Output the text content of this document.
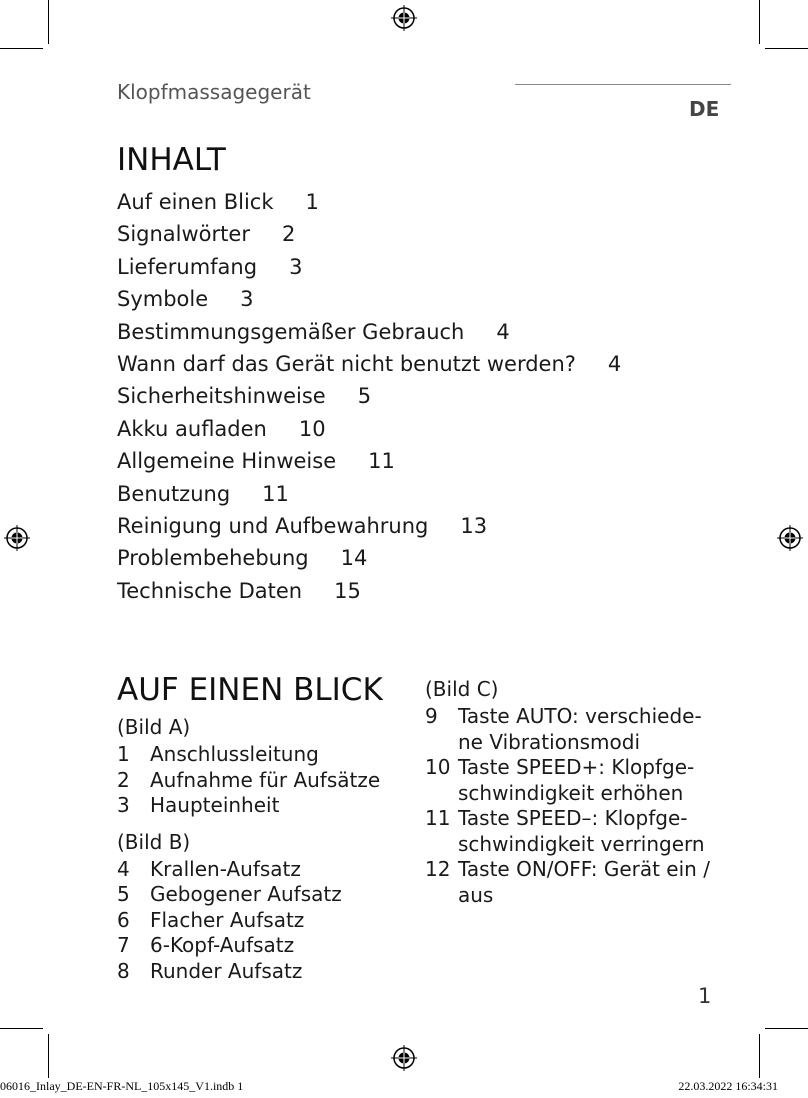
Klopfmassagegerät
DE
INHALT
Auf einen Blick 1
Signalwörter 2
Lieferumfang 3
Symbole 3
Bestimmungsgemäßer Gebrauch 4
Wann darf das Gerät nicht benutzt werden? 4
Sicherheitshinweise 5
Akku aufladen 10
Allgemeine Hinweise 11
Benutzung 11
Reinigung und Aufbewahrung 13
Problembehebung 14
Technische Daten 15
AUF EINEN BLICK
(Bild A)
1	Anschlussleitung
2	Aufnahme für Aufsätze
3	Haupteinheit
(Bild B)
4	Krallen-Aufsatz
5	Gebogener Aufsatz
6	Flacher Aufsatz
7	6-Kopf-Aufsatz
8	Runder Aufsatz
(Bild C)
9	Taste AUTO: verschiede-ne Vibrationsmodi
10 Taste SPEED+: Klopfge-schwindigkeit erhöhen
11 Taste SPEED–: Klopfge-schwindigkeit verringern
12 Taste ON/OFF: Gerät ein / aus
1
06016_Inlay_DE-EN-FR-NL_105x145_V1.indb 1	22.03.2022 16:34:31
